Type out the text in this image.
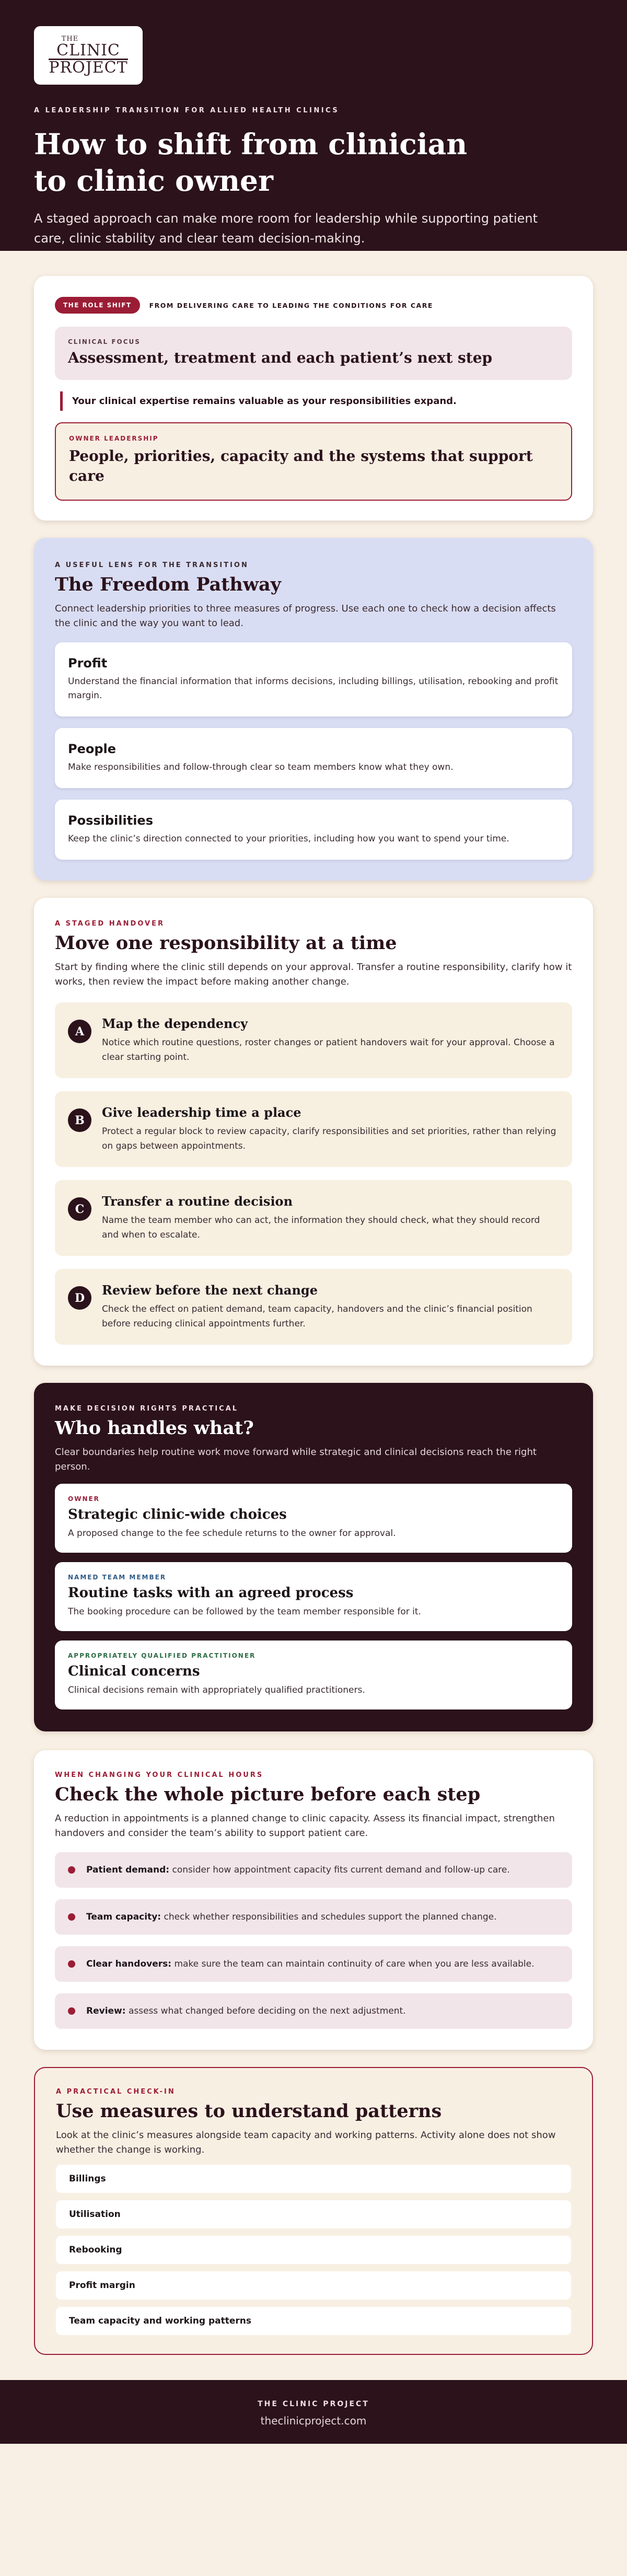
THE
CLINIC
PROJECT
A LEADERSHIP TRANSITION FOR ALLIED HEALTH CLINICS
How to shift from clinician
to clinic owner

A staged approach can make more room for leadership while supporting patient care, clinic stability and clear team decision-making.

THE ROLE SHIFT	FROM DELIVERING CARE TO LEADING THE CONDITIONS FOR CARE
CLINICAL FOCUS
Assessment, treatment and each patient’s next step
Your clinical expertise remains valuable as your responsibilities expand.
OWNER LEADERSHIP
People, priorities, capacity and the systems that support care
A USEFUL LENS FOR THE TRANSITION
The Freedom Pathway
Connect leadership priorities to three measures of progress. Use each one to check how a decision affects the clinic and the way you want to lead.
Profit
Understand the financial information that informs decisions, including billings, utilisation, rebooking and profit margin.
People
Make responsibilities and follow-through clear so team members know what they own.
Possibilities
Keep the clinic’s direction connected to your priorities, including how you want to spend your time.
A STAGED HANDOVER
Move one responsibility at a time
Start by finding where the clinic still depends on your approval. Transfer a routine responsibility, clarify how it works, then review the impact before making another change.
A
Map the dependency
Notice which routine questions, roster changes or patient handovers wait for your approval. Choose a clear starting point.
B
Give leadership time a place
Protect a regular block to review capacity, clarify responsibilities and set priorities, rather than relying on gaps between appointments.
C
Transfer a routine decision
Name the team member who can act, the information they should check, what they should record and when to escalate.
D
Review before the next change
Check the effect on patient demand, team capacity, handovers and the clinic’s financial position before reducing clinical appointments further.
MAKE DECISION RIGHTS PRACTICAL
Who handles what?
Clear boundaries help routine work move forward while strategic and clinical decisions reach the right person.
OWNER
Strategic clinic-wide choices
A proposed change to the fee schedule returns to the owner for approval.
NAMED TEAM MEMBER
Routine tasks with an agreed process
The booking procedure can be followed by the team member responsible for it.
APPROPRIATELY QUALIFIED PRACTITIONER
Clinical concerns
Clinical decisions remain with appropriately qualified practitioners.
WHEN CHANGING YOUR CLINICAL HOURS
Check the whole picture before each step
A reduction in appointments is a planned change to clinic capacity. Assess its financial impact, strengthen handovers and consider the team’s ability to support patient care.
Patient demand: consider how appointment capacity fits current demand and follow-up care.
Team capacity: check whether responsibilities and schedules support the planned change.
Clear handovers: make sure the team can maintain continuity of care when you are less available.
Review: assess what changed before deciding on the next adjustment.
A PRACTICAL CHECK-IN
Use measures to understand patterns
Look at the clinic’s measures alongside team capacity and working patterns. Activity alone does not show whether the change is working.
Billings
Utilisation
Rebooking
Profit margin
Team capacity and working patterns
THE CLINIC PROJECT
theclinicproject.com
